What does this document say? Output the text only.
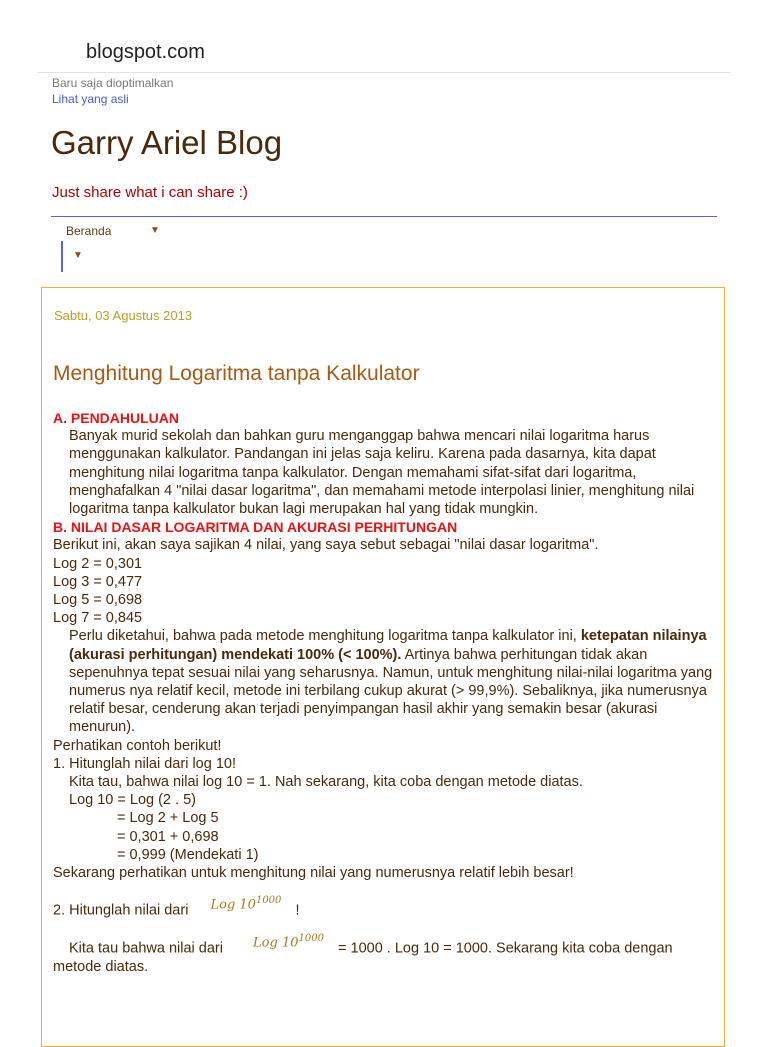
blogspot.com
Baru saja dioptimalkan
Lihat yang asli
Garry Ariel Blog
Just share what i can share :)
Beranda	▼
▼
Sabtu, 03 Agustus 2013
Menghitung Logaritma tanpa Kalkulator

A. PENDAHULUAN

Banyak murid sekolah dan bahkan guru menganggap bahwa mencari nilai logaritma harus menggunakan kalkulator. Pandangan ini jelas saja keliru. Karena pada dasarnya, kita dapat menghitung nilai logaritma tanpa kalkulator. Dengan memahami sifat-sifat dari logaritma, menghafalkan 4 "nilai dasar logaritma", dan memahami metode interpolasi linier, menghitung nilai logaritma tanpa kalkulator bukan lagi merupakan hal yang tidak mungkin.

B. NILAI DASAR LOGARITMA DAN AKURASI PERHITUNGAN

Berikut ini, akan saya sajikan 4 nilai, yang saya sebut sebagai "nilai dasar logaritma".

Log 2 = 0,301

Log 3 = 0,477

Log 5 = 0,698

Log 7 = 0,845

Perlu diketahui, bahwa pada metode menghitung logaritma tanpa kalkulator ini, ketepatan nilainya (akurasi perhitungan) mendekati 100% (< 100%). Artinya bahwa perhitungan tidak akan sepenuhnya tepat sesuai nilai yang seharusnya. Namun, untuk menghitung nilai-nilai logaritma yang numerus nya relatif kecil, metode ini terbilang cukup akurat (> 99,9%). Sebaliknya, jika numerusnya relatif besar, cenderung akan terjadi penyimpangan hasil akhir yang semakin besar (akurasi menurun).

Perhatikan contoh berikut!

1. Hitunglah nilai dari log 10!

Kita tau, bahwa nilai log 10 = 1. Nah sekarang, kita coba dengan metode diatas.

Log 10 = Log (2 . 5)

= Log 2 + Log 5

= 0,301 + 0,698

= 0,999 (Mendekati 1)

Sekarang perhatikan untuk menghitung nilai yang numerusnya relatif lebih besar!

2. Hitunglah nilai dari Log $10^{1000}$  !

Kita tau bahwa nilai dari Log $10^{1000} = 1000$ . Log 10 = 1000. Sekarang kita coba dengan

metode diatas.
